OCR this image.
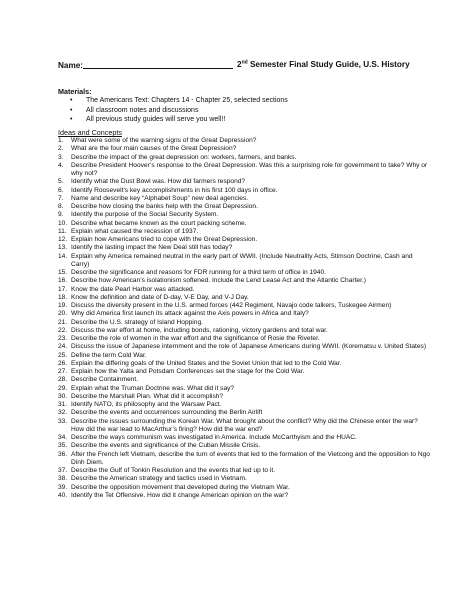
Name:	2nd Semester Final Study Guide, U.S. History
Materials:
• The Americans Text: Chapters 14 - Chapter 25, selected sections
• All classroom notes and discussions
• All previous study guides will serve you well!!
Ideas and Concepts
1. What were some of the warning signs of the Great Depression?
2. What are the four main causes of the Great Depression?
3. Describe the impact of the great depression on: workers, farmers, and banks.
4. Describe President Hoover’s response to the Great Depression. Was this a surprising role for government to take? Why or why not?
5. Identify what the Dust Bowl was. How did farmers respond?
6. Identify Roosevelt’s key accomplishments in his first 100 days in office.
7. Name and describe key “Alphabet Soup” new deal agencies.
8. Describe how closing the banks help with the Great Depression.
9. Identify the purpose of the Social Security System.
10. Describe what became known as the court packing scheme.
11. Explain what caused the recession of 1937.
12. Explain how Americans tried to cope with the Great Depression.
13. Identify the lasting impact the New Deal still has today?
14. Explain why America remained neutral in the early part of WWII. (Include Neutrality Acts, Stimson Doctrine, Cash and Carry)
15. Describe the significance and reasons for FDR running for a third term of office in 1940.
16. Describe how American’s isolationism softened. Include the Lend Lease Act and the Atlantic Charter.)
17. Know the date Pearl Harbor was attacked.
18. Know the definition and date of D-day, V-E Day, and V-J Day.
19. Discuss the diversity present in the U.S. armed forces (442 Regiment, Navajo code talkers, Tuskegee Airmen)
20. Why did America first launch its attack against the Axis powers in Africa and Italy?
21. Describe the U.S. strategy of Island Hopping.
22. Discuss the war effort at home, including bonds, rationing, victory gardens and total war.
23. Describe the role of women in the war effort and the significance of Rosie the Riveter.
24. Discuss the issue of Japanese internment and the role of Japanese Americans during WWII. (Korematsu v. United States)
25. Define the term Cold War.
26. Explain the differing goals of the United States and the Soviet Union that led to the Cold War.
27. Explain how the Yalta and Potsdam Conferences set the stage for the Cold War.
28. Describe Containment.
29. Explain what the Truman Doctrine was. What did it say?
30. Describe the Marshall Plan. What did it accomplish?
31. Identify NATO, its philosophy and the Warsaw Pact.
32. Describe the events and occurrences surrounding the Berlin Airlift
33. Describe the issues surrounding the Korean War. What brought about the conflict? Why did the Chinese enter the war? How did the war lead to MacArthur’s firing? How did the war end?
34. Describe the ways communism was investigated in America. Include McCarthyism and the HUAC.
35. Describe the events and significance of the Cuban Missile Crisis.
36. After the French left Vietnam, describe the turn of events that led to the formation of the Vietcong and the opposition to Ngo Dinh Diem.
37. Describe the Gulf of Tonkin Resolution and the events that led up to it.
38. Describe the American strategy and tactics used in Vietnam.
39. Describe the opposition movement that developed during the Vietnam War.
40. Identify the Tet Offensive. How did it change American opinion on the war?
